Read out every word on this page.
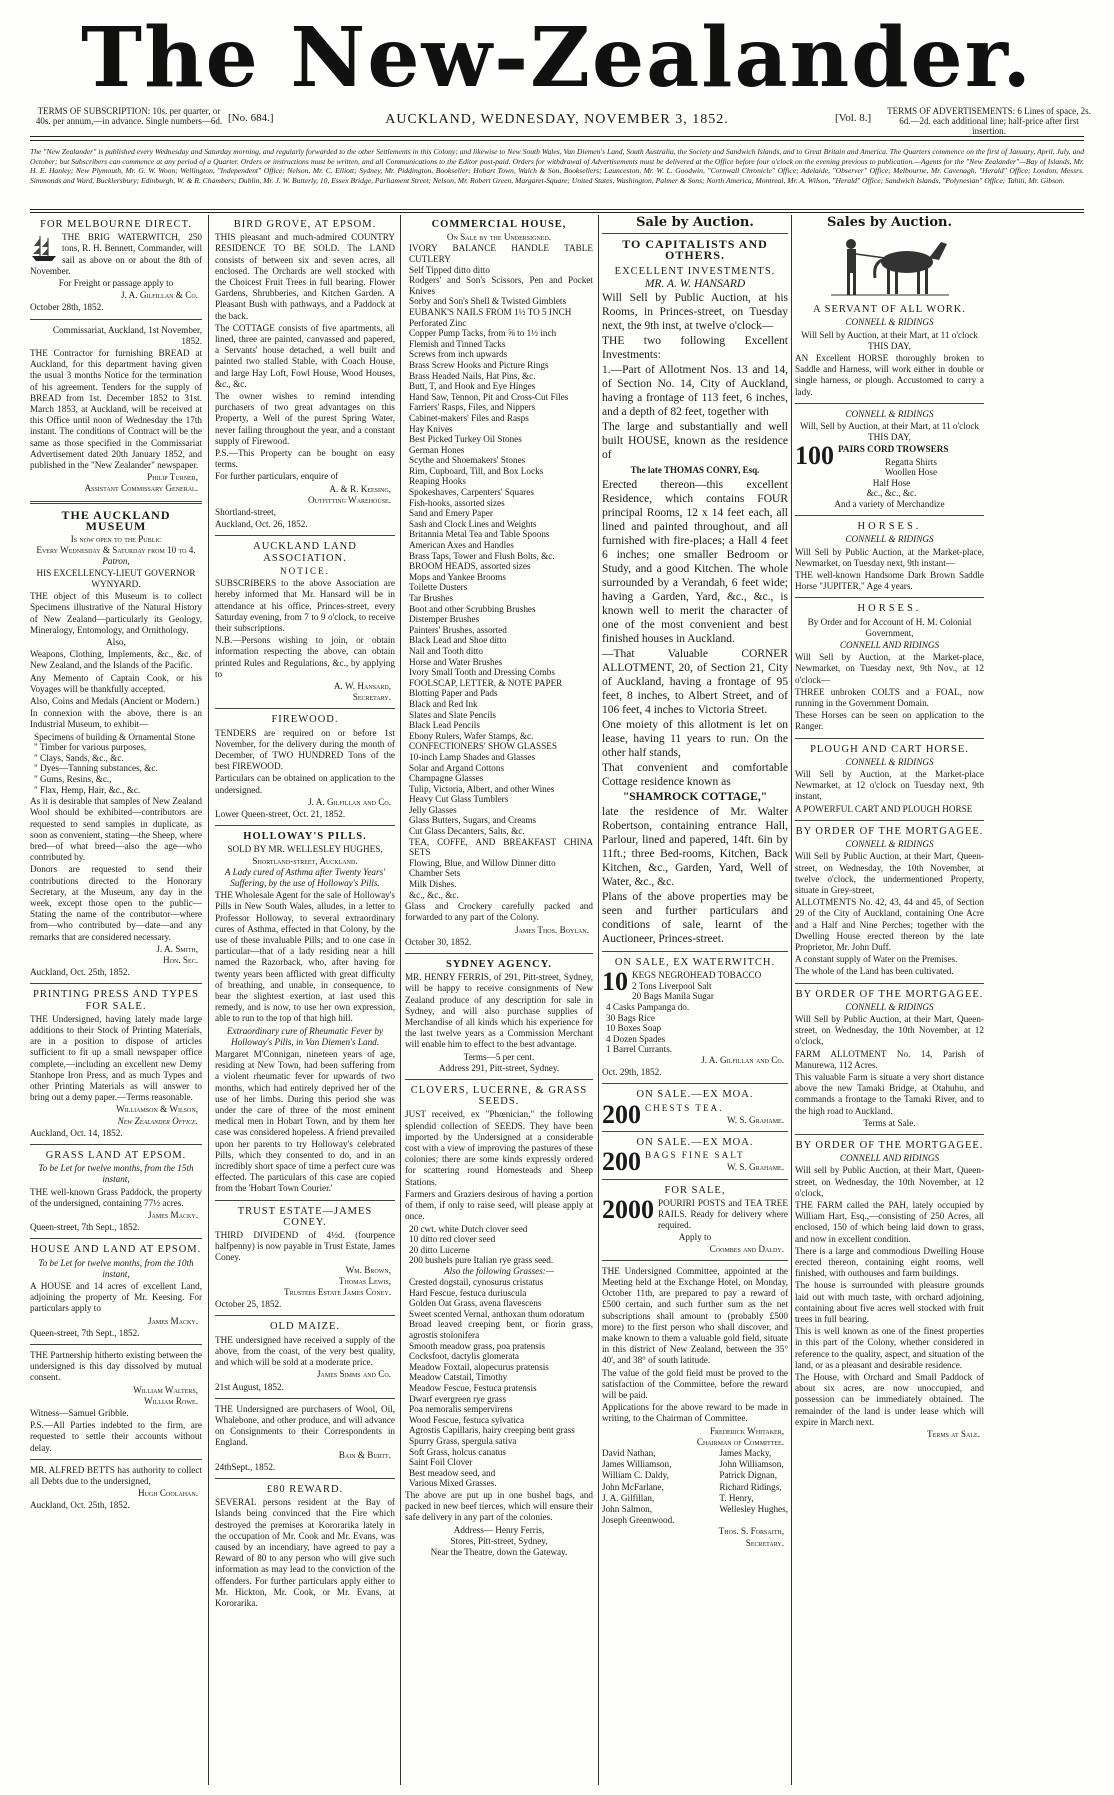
The New-Zealander.
TERMS OF SUBSCRIPTION: 10s. per quarter, or 40s. per annum,—in advance. Single numbers—6d. [No. 684.]	AUCKLAND, WEDNESDAY, NOVEMBER 3, 1852.	[Vol. 8.]
TERMS OF ADVERTISEMENTS: 6 Lines of space, 2s. 6d.—2d. each additional line; half-price after first insertion.
The "New Zealander" is published every Wednesday and Saturday morning, and regularly forwarded to the other Settlements in this Colony; and likewise to New South Wales, Van Diemen's Land, South Australia, the Society and Sandwich Islands, and to Great Britain and America. The Quarters commence on the first of January, April, July, and October; but Subscribers can commence at any period of a Quarter. Orders or instructions must be written, and all Communications to the Editor post-paid. Orders for withdrawal of Advertisements must be delivered at the Office before four o'clock on the evening previous to publication.—Agents for the "New Zealander"—Bay of Islands, Mr. H. E. Hanley; New Plymouth, Mr. G. W. Woon; Wellington, "Independent" Office; Nelson, Mr. C. Elliott; Sydney, Mr. Piddington, Bookseller; Hobart Town, Walch & Son, Booksellers; Launceston, Mr. W. L. Goodwin, "Cornwall Chronicle" Office; Adelaide, "Observer" Office; Melbourne, Mr. Cavenagh, "Herald" Office; London, Messrs. Simmonds and Ward, Bucklersbury; Edinburgh, W. & R. Chambers; Dublin, Mr. J. W. Butterly, 10, Essex Bridge, Parliament Street; Nelson, Mr. Robert Green, Margaret-Square; United States, Washington, Palmer & Sons; North America, Montreal, Mr. A. Wilson, "Herald" Office; Sandwich Islands, "Polynesian" Office; Tahiti, Mr. Gibson.
FOR MELBOURNE DIRECT.

THE BRIG WATERWITCH, 250 tons, R. H. Bennett, Commander, will sail as above on or about the 8th of November.

For Freight or passage apply to

J. A. Gilfillan & Co.

October 28th, 1852.

Commissariat, Auckland, 1st November, 1852.

THE Contractor for furnishing BREAD at Auckland, for this department having given the usual 3 months Notice for the termination of his agreement. Tenders for the supply of BREAD from 1st. December 1852 to 31st. March 1853, at Auckland, will be received at this Office until noon of Wednesday the 17th instant. The conditions of Contract will be the same as those specified in the Commissariat Advertisement dated 20th January 1852, and published in the "New Zealander" newspaper.

Philip Turner,

Assistant Commissary General.

THE AUCKLAND MUSEUM

Is now open to the Public

Every Wednesday & Saturday from 10 to 4.

Patron,

HIS EXCELLENCY-LIEUT GOVERNOR WYNYARD.

THE object of this Museum is to collect Specimens illustrative of the Natural History of New Zealand—particularly its Geology, Mineralogy, Entomology, and Ornithology.

Also,

Weapons, Clothing, Implements, &c., &c. of New Zealand, and the Islands of the Pacific.

Any Memento of Captain Cook, or his Voyages will be thankfully accepted.

Also, Coins and Medals (Ancient or Modern.)

In connexion with the above, there is an Industrial Museum, to exhibit—

Specimens of building & Ornamental Stone

" Timber for various purposes,

" Clays, Sands, &c., &c.

" Dyes—Tanning substances, &c.

" Gums, Resins, &c.,

" Flax, Hemp, Hair, &c., &c.

As it is desirable that samples of New Zealand Wool should be exhibited—contributors are requested to send samples in duplicate, as soon as convenient, stating—the Sheep, where bred—of what breed—also the age—who contributed by.

Donors are requested to send their contributions directed to the Honorary Secretary, at the Museum, any day in the week, except those open to the public—Stating the name of the contributor—where from—who contributed by—date—and any remarks that are considered necessary.

J. A. Smith,

Hon. Sec.

Auckland, Oct. 25th, 1852.

PRINTING PRESS AND TYPES FOR SALE.

THE Undersigned, having lately made large additions to their Stock of Printing Materials, are in a position to dispose of articles sufficient to fit up a small newspaper office complete,—including an excellent new Demy Stanhope Iron Press, and as much Types and other Printing Materials as will answer to bring out a demy paper.—Terms reasonable.

Williamson & Wilson,

New Zealander Office.

Auckland, Oct. 14, 1852.

GRASS LAND AT EPSOM.

To be Let for twelve months, from the 15th instant,

THE well-known Grass Paddock, the property of the undersigned, containing 77½ acres.

James Macky.

Queen-street, 7th Sept., 1852.

HOUSE AND LAND AT EPSOM.

To be Let for twelve months, from the 10th instant,

A HOUSE and 14 acres of excellent Land, adjoining the property of Mr. Keesing. For particulars apply to

James Macky.

Queen-street, 7th Sept., 1852.

THE Partnership hitherto existing between the undersigned is this day dissolved by mutual consent.

William Walters,

William Rowe.

Witness—Samuel Gribble.

P.S.—All Parties indebted to the firm, are requested to settle their accounts without delay.

MR. ALFRED BETTS has authority to collect all Debts due to the undersigned,

Hugh Coolahan.

Auckland, Oct. 25th, 1852.

BIRD GROVE, AT EPSOM.

THIS pleasant and much-admired COUNTRY RESIDENCE TO BE SOLD. The LAND consists of between six and seven acres, all enclosed. The Orchards are well stocked with the Choicest Fruit Trees in full bearing. Flower Gardens, Shrubberies, and Kitchen Garden. A Pleasant Bush with pathways, and a Paddock at the back.

The COTTAGE consists of five apartments, all lined, three are painted, canvassed and papered, a Servants' house detached, a well built and painted two stalled Stable, with Coach House, and large Hay Loft, Fowl House, Wood Houses, &c., &c.

The owner wishes to remind intending purchasers of two great advantages on this Property, a Well of the purest Spring Water, never failing throughout the year, and a constant supply of Firewood.

P.S.—This Property can be bought on easy terms.

For further particulars, enquire of

A. & R. Keesing,

Outfitting Warehouse.

Shortland-street,

Auckland, Oct. 26, 1852.

AUCKLAND LAND ASSOCIATION.

NOTICE.

SUBSCRIBERS to the above Association are hereby informed that Mr. Hansard will be in attendance at his office, Princes-street, every Saturday evening, from 7 to 9 o'clock, to receive their subscriptions.

N.B.—Persons wishing to join, or obtain information respecting the above, can obtain printed Rules and Regulations, &c., by applying to

A. W. Hansard,

Secretary.

FIREWOOD.

TENDERS are required on or before 1st November, for the delivery during the month of December, of TWO HUNDRED Tons of the best FIREWOOD.

Particulars can be obtained on application to the undersigned.

J. A. Gilfillan and Co.

Lower Queen-street, Oct. 21, 1852.

HOLLOWAY'S PILLS.

SOLD BY MR. WELLESLEY HUGHES,

Shortland-street, Auckland.

A Lady cured of Asthma after Twenty Years' Suffering, by the use of Holloway's Pills.

THE Wholesale Agent for the sale of Holloway's Pills in New South Wales, alludes, in a letter to Professor Holloway, to several extraordinary cures of Asthma, effected in that Colony, by the use of these invaluable Pills; and to one case in particular—that of a lady residing near a hill named the Razorback, who, after having for twenty years been afflicted with great difficulty of breathing, and unable, in consequence, to bear the slightest exertion, at last used this remedy, and is now, to use her own expression, able to run to the top of that high hill.

Extraordinary cure of Rheumatic Fever by Holloway's Pills, in Van Diemen's Land.

Margaret M'Connigan, nineteen years of age, residing at New Town, had been suffering from a violent rheumatic fever for upwards of two months, which had entirely deprived her of the use of her limbs. During this period she was under the care of three of the most eminent medical men in Hobart Town, and by them her case was considered hopeless. A friend prevailed upon her parents to try Holloway's celebrated Pills, which they consented to do, and in an incredibly short space of time a perfect cure was effected. The particulars of this case are copied from the 'Hobart Town Courier.'

TRUST ESTATE—JAMES CONEY.

THIRD DIVIDEND of 4½d. (fourpence halfpenny) is now payable in Trust Estate, James Coney.

Wm. Brown,

Thomas Lewis,

Trustees Estate James Coney.

October 25, 1852.

OLD MAIZE.

THE undersigned have received a supply of the above, from the coast, of the very best quality, and which will be sold at a moderate price.

James Simms and Co.

21st August, 1852.

THE Undersigned are purchasers of Wool, Oil, Whalebone, and other produce, and will advance on Consignments to their Correspondents in England.

Bain & Burtt.

24thSept., 1852.

£80 REWARD.

SEVERAL persons resident at the Bay of Islands being convinced that the Fire which destroyed the premises at Kororarika lately in the occupation of Mr. Cook and Mr. Evans, was caused by an incendiary, have agreed to pay a Reward of 80 to any person who will give such information as may lead to the conviction of the offenders. For further particulars apply either to Mr. Hickton, Mr. Cook, or Mr. Evans, at Kororarika.

COMMERCIAL HOUSE,

On Sale by the Undersigned.

IVORY BALANCE HANDLE TABLE CUTLERY

Self Tipped ditto ditto

Rodgers' and Son's Scissors, Pen and Pocket Knives

Sorby and Son's Shell & Twisted Gimblets

EUBANK'S NAILS FROM 1½ TO 5 INCH

Perforated Zinc

Copper Pump Tacks, from ⅝ to 1½ inch

Flemish and Tinned Tacks

Screws from inch upwards

Brass Screw Hooks and Picture Rings

Brass Headed Nails, Hat Pins, &c.

Butt, T, and Hook and Eye Hinges

Hand Saw, Tennon, Pit and Cross-Cut Files

Farriers' Rasps, Files, and Nippers

Cabinet-makers' Files and Rasps

Hay Knives

Best Picked Turkey Oil Stones

German Hones

Scythe and Shoemakers' Stones

Rim, Cupboard, Till, and Box Locks

Reaping Hooks

Spokeshaves, Carpenters' Squares

Fish-hooks, assorted sizes

Sand and Emery Paper

Sash and Clock Lines and Weights

Britannia Metal Tea and Table Spoons

American Axes and Handles

Brass Taps, Tower and Flush Bolts, &c.

BROOM HEADS, assorted sizes

Mops and Yankee Brooms

Toilette Dusters

Tar Brushes

Boot and other Scrubbing Brushes

Distemper Brushes

Painters' Brushes, assorted

Black Lead and Shoe ditto

Nail and Tooth ditto

Horse and Water Brushes

Ivory Small Tooth and Dressing Combs

FOOLSCAP, LETTER, & NOTE PAPER

Blotting Paper and Pads

Black and Red Ink

Slates and Slate Pencils

Black Lead Pencils

Ebony Rulers, Wafer Stamps, &c.

CONFECTIONERS' SHOW GLASSES

10-inch Lamp Shades and Glasses

Solar and Argand Cottons

Champagne Glasses

Tulip, Victoria, Albert, and other Wines

Heavy Cut Glass Tumblers

Jelly Glasses

Glass Butters, Sugars, and Creams

Cut Glass Decanters, Salts, &c.

TEA, COFFE, AND BREAKFAST CHINA SETS

Flowing, Blue, and Willow Dinner ditto

Chamber Sets

Milk Dishes.

&c., &c., &c.

Glass and Crockery carefully packed and forwarded to any part of the Colony.

James Thos. Boylan.

October 30, 1852.

SYDNEY AGENCY.

MR. HENRY FERRIS, of 291, Pitt-street, Sydney, will be happy to receive consignments of New Zealand produce of any description for sale in Sydney, and will also purchase supplies of Merchandise of all kinds which his experience for the last twelve years as a Commission Merchant will enable him to effect to the best advantage.

Terms—5 per cent.

Address 291, Pitt-street, Sydney.

CLOVERS, LUCERNE, & GRASS SEEDS.

JUST received, ex "Phœnician," the following splendid collection of SEEDS. They have been imported by the Undersigned at a considerable cost with a view of improving the pastures of these colonies; there are some kinds expressly ordered for scattering round Homesteads and Sheep Stations.

Farmers and Graziers desirous of having a portion of them, if only to raise seed, will please apply at once.

20 cwt. white Dutch clover seed

10 ditto red clover seed

20 ditto Lucerne

200 bushels pure Italian rye grass seed.

Also the following Grasses:—

Crested dogstail, cynosurus cristatus

Hard Fescue, festuca duriuscula

Golden Oat Grass, avena flavescens

Sweet scented Vernal, anthoxan thum odoratum

Broad leaved creeping bent, or fiorin grass, agrostis stolonifera

Smooth meadow grass, poa pratensis

Cocksfoot, dactylis glomerata

Meadow Foxtail, alopecurus pratensis

Meadow Catstail, Timothy

Meadow Fescue, Festuca pratensis

Dwarf evergreen rye grass

Poa nemoralis sempervirens

Wood Fescue, festuca sylvatica

Agrostis Capillaris, hairy creeping bent grass

Spurry Grass, spergula sativa

Soft Grass, holcus canatus

Saint Foil Clover

Best meadow seed, and

Various Mixed Grasses.

The above are put up in one bushel bags, and packed in new beef tierces, which will ensure their safe delivery in any part of the colonies.

Address— Henry Ferris,

Stores, Pitt-street, Sydney,

Near the Theatre, down the Gateway.

Sale by Auction.
TO CAPITALISTS AND OTHERS.
EXCELLENT INVESTMENTS.

MR. A. W. HANSARD

Will Sell by Public Auction, at his Rooms, in Princes-street, on Tuesday next, the 9th inst, at twelve o'clock—

THE two following Excellent Investments:

1.—Part of Allotment Nos. 13 and 14, of Section No. 14, City of Auckland, having a frontage of 113 feet, 6 inches, and a depth of 82 feet, together with

The large and substantially and well built HOUSE, known as the residence of

The late THOMAS CONRY, Esq.

Erected thereon—this excellent Residence, which contains FOUR principal Rooms, 12 x 14 feet each, all lined and painted throughout, and all furnished with fire-places; a Hall 4 feet 6 inches; one smaller Bedroom or Study, and a good Kitchen. The whole surrounded by a Verandah, 6 feet wide; having a Garden, Yard, &c., &c., is known well to merit the character of one of the most convenient and best finished houses in Auckland.

—That Valuable CORNER ALLOTMENT, 20, of Section 21, City of Auckland, having a frontage of 95 feet, 8 inches, to Albert Street, and of 106 feet, 4 inches to Victoria Street.

One moiety of this allotment is let on lease, having 11 years to run. On the other half stands,

That convenient and comfortable Cottage residence known as

"SHAMROCK COTTAGE,"

late the residence of Mr. Walter Robertson, containing entrance Hall, Parlour, lined and papered, 14ft. 6in by 11ft.; three Bed-rooms, Kitchen, Back Kitchen, &c., Garden, Yard, Well of Water, &c., &c.

Plans of the above properties may be seen and further particulars and conditions of sale, learnt of the Auctioneer, Princes-street.

ON SALE, EX WATERWITCH.
10 KEGS NEGROHEAD TOBACCO

2 Tons Liverpool Salt

20 Bags Manila Sugar

4 Casks Pampanga do.

30 Bags Rice

10 Boxes Soap

4 Dozen Spades

1 Barrel Currants.

J. A. Gilfillan and Co.

Oct. 29th, 1852.

ON SALE.—EX MOA.
200 CHESTS TEA.

W. S. Grahame.

ON SALE.—EX MOA.
200 BAGS FINE SALT

W. S. Grahame.

FOR SALE,
2000 POURIRI POSTS and TEA TREE RAILS. Ready for delivery where required.

Apply to

Coombes and Daldy.

THE Undersigned Committee, appointed at the Meeting held at the Exchange Hotel, on Monday, October 11th, are prepared to pay a reward of £500 certain, and such further sum as the net subscriptions shall amount to (probably £500 more) to the first person who shall discover, and make known to them a valuable gold field, situate in this district of New Zealand, between the 35° 40', and 38° of south latitude.

The value of the gold field must be proved to the satisfaction of the Committee, before the reward will be paid.

Applications for the above reward to be made in writing, to the Chairman of Committee.

Frederick Whitaker,

Chairman of Committee.

David Nathan,

James Williamson,

William C. Daldy,

John McFarlane,

J. A. Gilfillan,

John Salmon,

Joseph Greenwood.

James Macky,

John Williamson,

Patrick Dignan,

Richard Ridings,

T. Henry,

Wellesley Hughes,

Thos. S. Forsaith,

Secretary.

Sales by Auction.
A SERVANT OF ALL WORK.

CONNELL & RIDINGS

Will Sell by Auction, at their Mart, at 11 o'clock THIS DAY,

AN Excellent HORSE thoroughly broken to Saddle and Harness, will work either in double or single harness, or plough. Accustomed to carry a lady.

CONNELL & RIDINGS

Will, Sell by Auction, at their Mart, at 11 o'clock THIS DAY,

100 PAIRS CORD TROWSERS

Regatta Shirts

Woollen Hose

Half Hose

&c., &c., &c.

And a variety of Merchandize

HORSES.

CONNELL & RIDINGS

Will Sell by Public Auction, at the Market-place, Newmarket, on Tuesday next, 9th instant—

THE well-known Handsome Dark Brown Saddle Horse "JUPITER," Age 4 years.

HORSES.

By Order and for Account of H. M. Colonial Government,

CONNELL AND RIDINGS

Will Sell by Auction, at the Market-place, Newmarket, on Tuesday next, 9th Nov., at 12 o'clock—

THREE unbroken COLTS and a FOAL, now running in the Government Domain.

These Horses can be seen on application to the Ranger.

PLOUGH AND CART HORSE.

CONNELL & RIDINGS

Will Sell by Auction, at the Market-place Newmarket, at 12 o'clock on Tuesday next, 9th instant,

A POWERFUL CART AND PLOUGH HORSE

BY ORDER OF THE MORTGAGEE.

CONNELL & RIDINGS

Will Sell by Public Auction, at their Mart, Queen-street, on Wednesday, the 10th November, at twelve o'clock, the undermentioned Property, situate in Grey-street,

ALLOTMENTS No. 42, 43, 44 and 45, of Section 29 of the City of Auckland, containing One Acre and a Half and Nine Perches; together with the Dwelling House erected thereon by the late Proprietor, Mr. John Duff.

A constant supply of Water on the Premises.

The whole of the Land has been cultivated.

BY ORDER OF THE MORTGAGEE.

CONNELL & RIDINGS

Will Sell by Public Auction, at their Mart, Queen-street, on Wednesday, the 10th November, at 12 o'clock,

FARM ALLOTMENT No. 14, Parish of Manurewa, 112 Acres.

This valuable Farm is situate a very short distance above the new Tamaki Bridge, at Otahuhu, and commands a frontage to the Tamaki River, and to the high road to Auckland.

Terms at Sale.

BY ORDER OF THE MORTGAGEE.

CONNELL AND RIDINGS

Will sell by Public Auction, at their Mart, Queen-street, on Wednesday, the 10th November, at 12 o'clock,

THE FARM called the PAH, lately occupied by William Hart, Esq.,—consisting of 250 Acres, all enclosed, 150 of which being laid down to grass, and now in excellent condition.

There is a large and commodious Dwelling House erected thereon, containing eight rooms, well finished, with outhouses and farm buildings.

The house is surrounded with pleasure grounds laid out with much taste, with orchard adjoining, containing about five acres well stocked with fruit trees in full bearing.

This is well known as one of the finest properties in this part of the Colony, whether considered in reference to the quality, aspect, and situation of the land, or as a pleasant and desirable residence.

The House, with Orchard and Small Paddock of about six acres, are now unoccupied, and possession can be immediately obtained. The remainder of the land is under lease which will expire in March next.

Terms at Sale.
